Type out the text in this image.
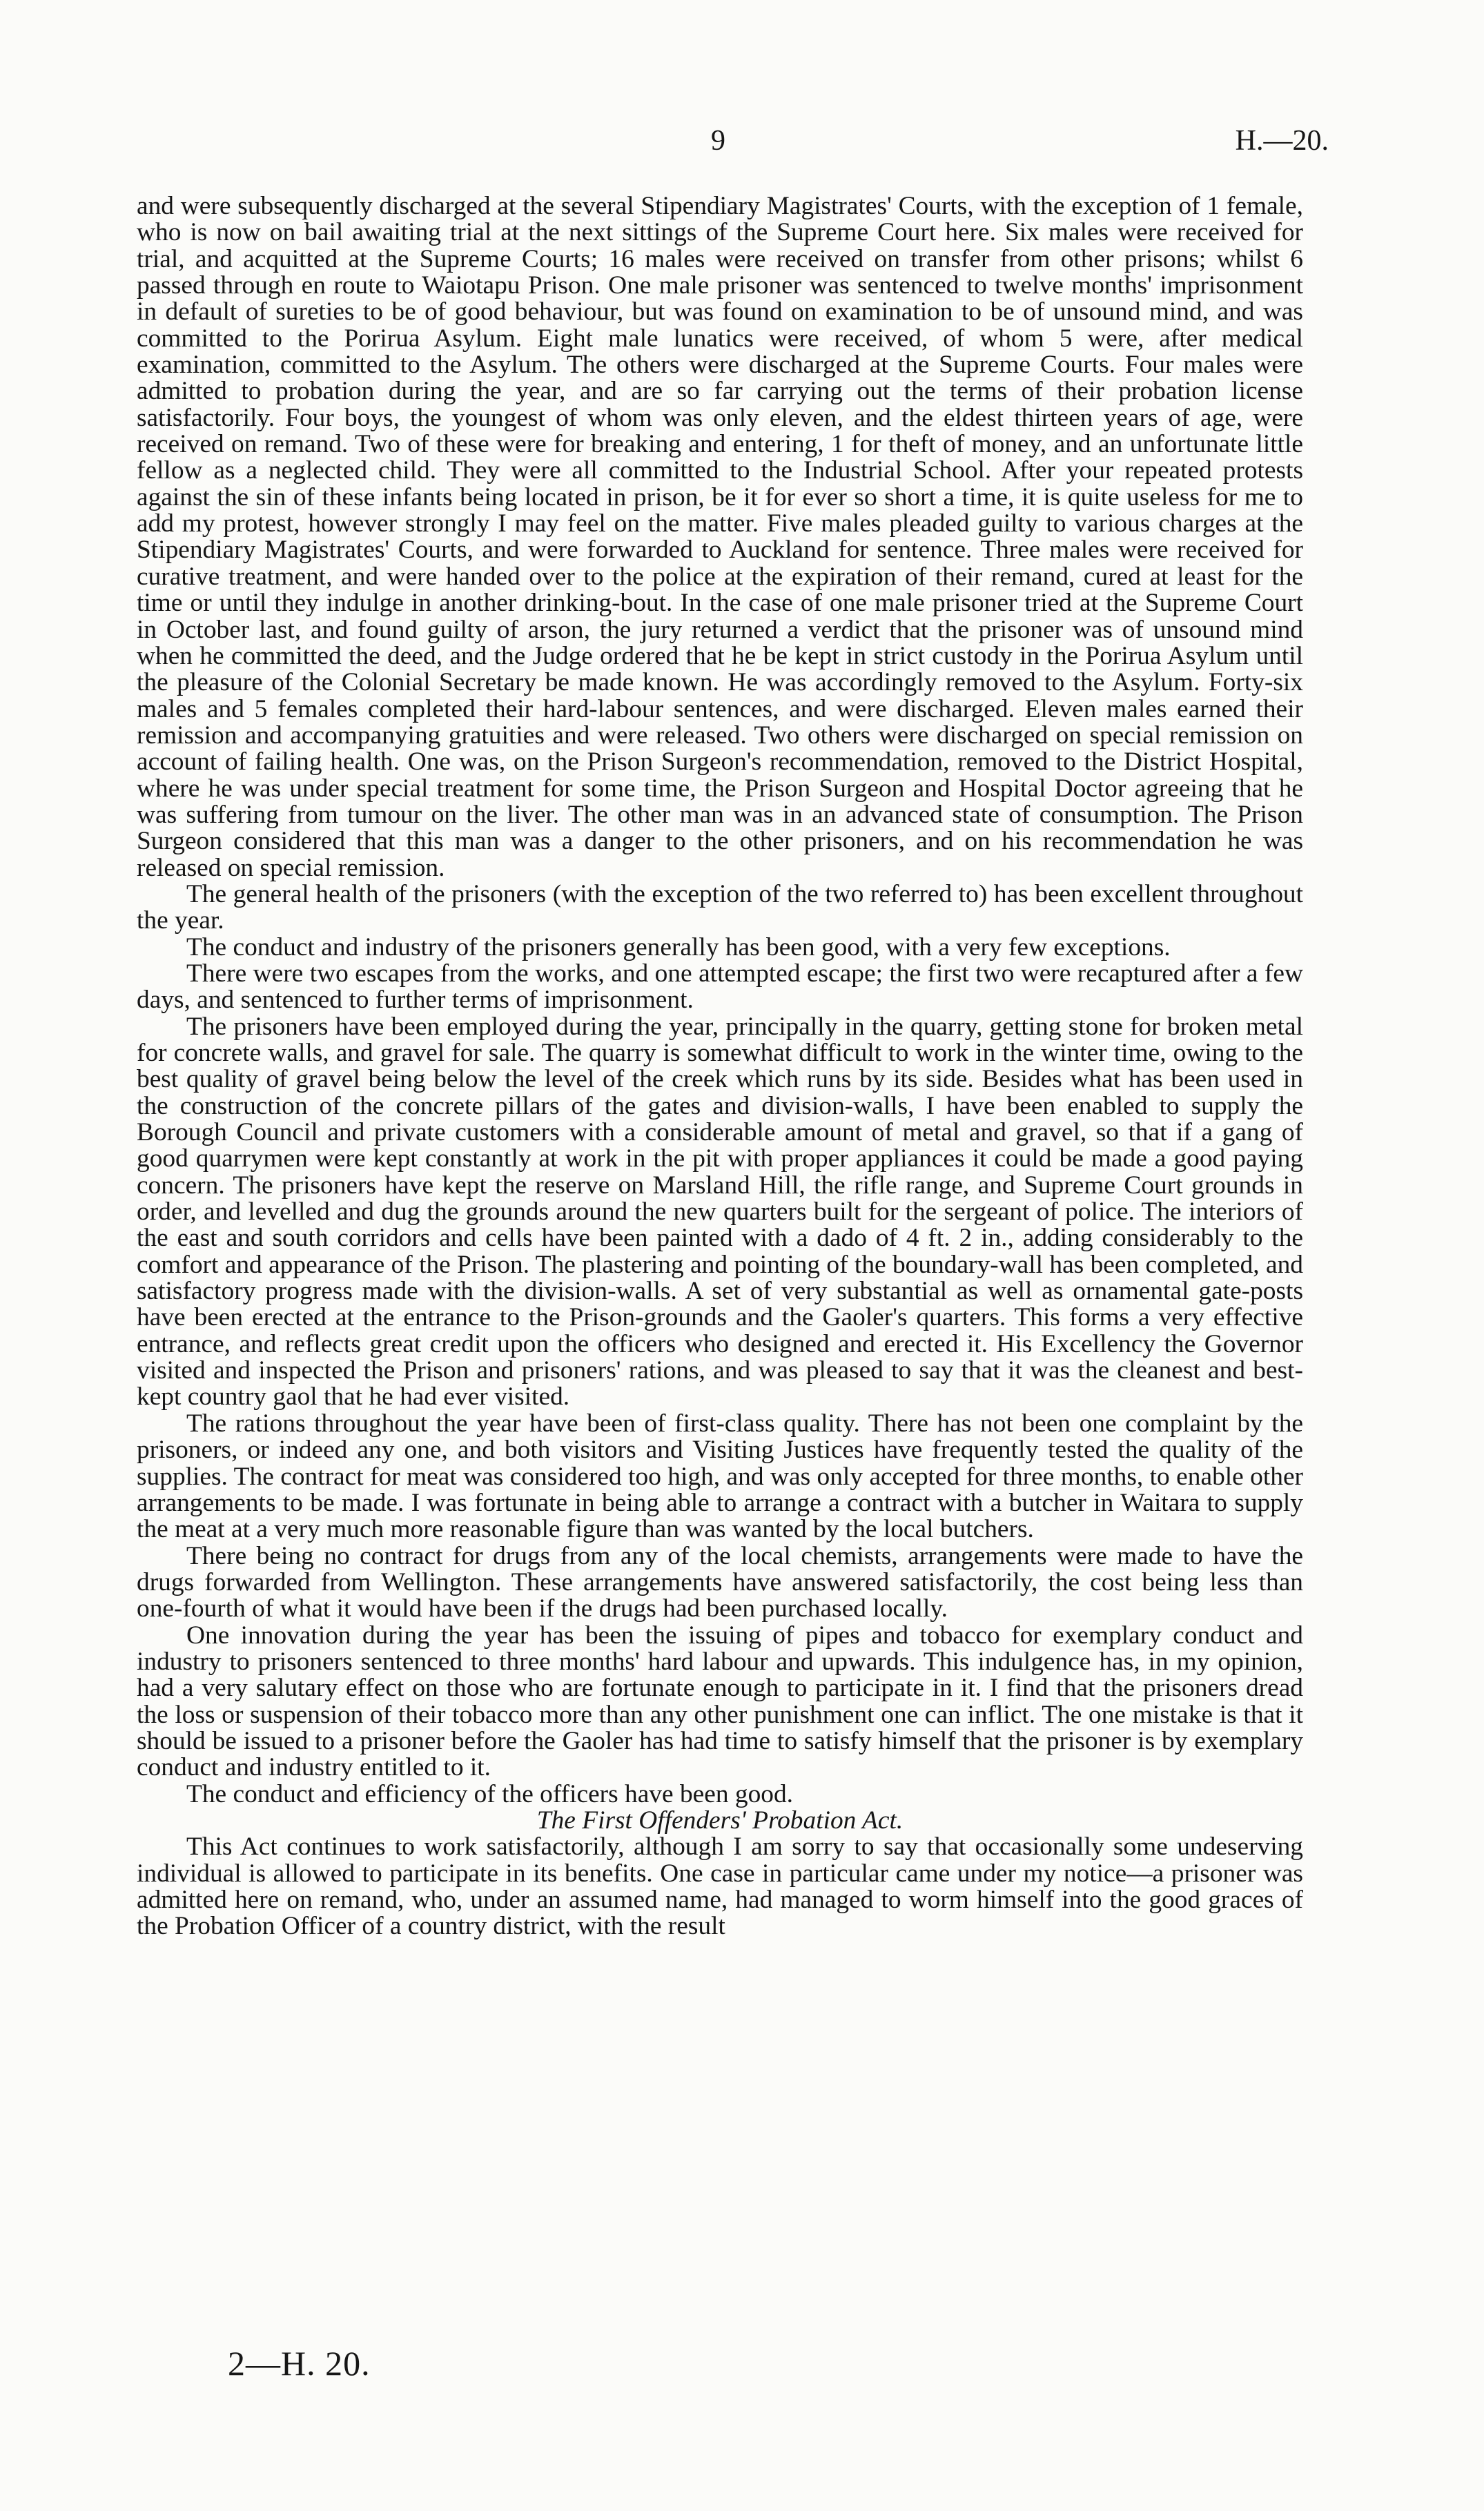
9	H.—20.

and were subsequently discharged at the several Stipendiary Magistrates' Courts, with the exception of 1 female, who is now on bail awaiting trial at the next sittings of the Supreme Court here. Six males were received for trial, and acquitted at the Supreme Courts; 16 males were received on transfer from other prisons; whilst 6 passed through en route to Waiotapu Prison. One male prisoner was sentenced to twelve months' imprisonment in default of sureties to be of good behaviour, but was found on examination to be of unsound mind, and was committed to the Porirua Asylum. Eight male lunatics were received, of whom 5 were, after medical examination, committed to the Asylum. The others were discharged at the Supreme Courts. Four males were admitted to probation during the year, and are so far carrying out the terms of their probation license satisfactorily. Four boys, the youngest of whom was only eleven, and the eldest thirteen years of age, were received on remand. Two of these were for breaking and entering, 1 for theft of money, and an unfortunate little fellow as a neglected child. They were all committed to the Industrial School. After your repeated protests against the sin of these infants being located in prison, be it for ever so short a time, it is quite useless for me to add my protest, however strongly I may feel on the matter. Five males pleaded guilty to various charges at the Stipendiary Magistrates' Courts, and were forwarded to Auckland for sentence. Three males were received for curative treatment, and were handed over to the police at the expiration of their remand, cured at least for the time or until they indulge in another drinking-bout. In the case of one male prisoner tried at the Supreme Court in October last, and found guilty of arson, the jury returned a verdict that the prisoner was of unsound mind when he committed the deed, and the Judge ordered that he be kept in strict custody in the Porirua Asylum until the pleasure of the Colonial Secretary be made known. He was accordingly removed to the Asylum. Forty-six males and 5 females completed their hard-labour sentences, and were discharged. Eleven males earned their remission and accompanying gratuities and were released. Two others were discharged on special remission on account of failing health. One was, on the Prison Surgeon's recommendation, removed to the District Hospital, where he was under special treatment for some time, the Prison Surgeon and Hospital Doctor agreeing that he was suffering from tumour on the liver. The other man was in an advanced state of consumption. The Prison Surgeon considered that this man was a danger to the other prisoners, and on his recommendation he was released on special remission.

The general health of the prisoners (with the exception of the two referred to) has been excellent throughout the year.

The conduct and industry of the prisoners generally has been good, with a very few exceptions.

There were two escapes from the works, and one attempted escape; the first two were recaptured after a few days, and sentenced to further terms of imprisonment.

The prisoners have been employed during the year, principally in the quarry, getting stone for broken metal for concrete walls, and gravel for sale. The quarry is somewhat difficult to work in the winter time, owing to the best quality of gravel being below the level of the creek which runs by its side. Besides what has been used in the construction of the concrete pillars of the gates and division-walls, I have been enabled to supply the Borough Council and private customers with a considerable amount of metal and gravel, so that if a gang of good quarrymen were kept constantly at work in the pit with proper appliances it could be made a good paying concern. The prisoners have kept the reserve on Marsland Hill, the rifle range, and Supreme Court grounds in order, and levelled and dug the grounds around the new quarters built for the sergeant of police. The interiors of the east and south corridors and cells have been painted with a dado of 4 ft. 2 in., adding considerably to the comfort and appearance of the Prison. The plastering and pointing of the boundary-wall has been completed, and satisfactory progress made with the division-walls. A set of very substantial as well as ornamental gate-posts have been erected at the entrance to the Prison-grounds and the Gaoler's quarters. This forms a very effective entrance, and reflects great credit upon the officers who designed and erected it. His Excellency the Governor visited and inspected the Prison and prisoners' rations, and was pleased to say that it was the cleanest and best-kept country gaol that he had ever visited.

The rations throughout the year have been of first-class quality. There has not been one complaint by the prisoners, or indeed any one, and both visitors and Visiting Justices have frequently tested the quality of the supplies. The contract for meat was considered too high, and was only accepted for three months, to enable other arrangements to be made. I was fortunate in being able to arrange a contract with a butcher in Waitara to supply the meat at a very much more reasonable figure than was wanted by the local butchers.

There being no contract for drugs from any of the local chemists, arrangements were made to have the drugs forwarded from Wellington. These arrangements have answered satisfactorily, the cost being less than one-fourth of what it would have been if the drugs had been purchased locally.

One innovation during the year has been the issuing of pipes and tobacco for exemplary conduct and industry to prisoners sentenced to three months' hard labour and upwards. This indulgence has, in my opinion, had a very salutary effect on those who are fortunate enough to participate in it. I find that the prisoners dread the loss or suspension of their tobacco more than any other punishment one can inflict. The one mistake is that it should be issued to a prisoner before the Gaoler has had time to satisfy himself that the prisoner is by exemplary conduct and industry entitled to it.

The conduct and efficiency of the officers have been good.

The First Offenders' Probation Act.

This Act continues to work satisfactorily, although I am sorry to say that occasionally some undeserving individual is allowed to participate in its benefits. One case in particular came under my notice—a prisoner was admitted here on remand, who, under an assumed name, had managed to worm himself into the good graces of the Probation Officer of a country district, with the result

2—H. 20.
